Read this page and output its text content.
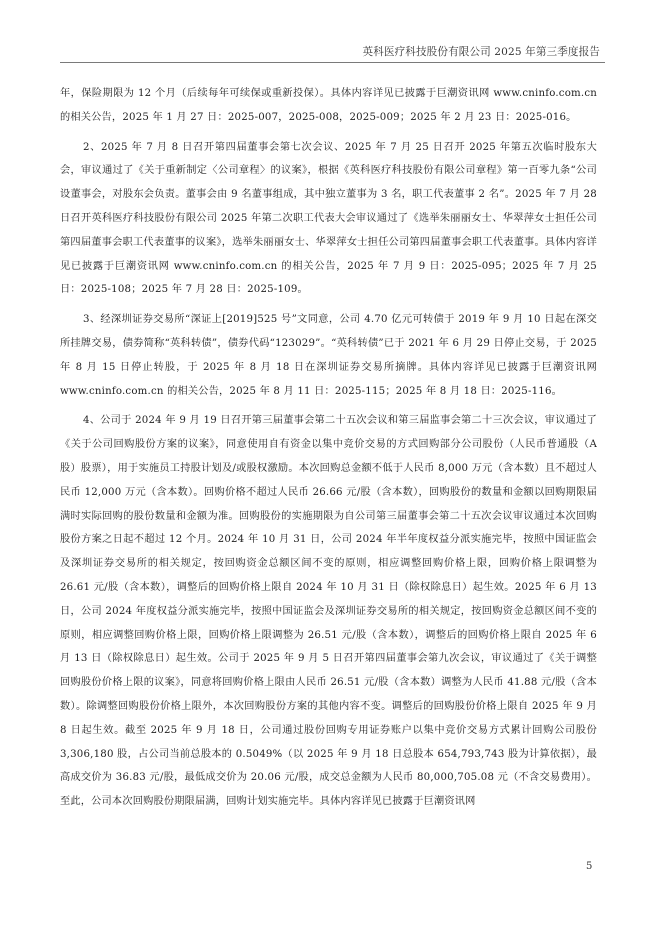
英科医疗科技股份有限公司 2025 年第三季度报告

年，保险期限为 12 个月（后续每年可续保或重新投保）。具体内容详见已披露于巨潮资讯网 www.cninfo.com.cn 的相关公告，2025 年 1 月 27 日：2025-007，2025-008，2025-009；2025 年 2 月 23 日：2025-016。

2、2025 年 7 月 8 日召开第四届董事会第七次会议、2025 年 7 月 25 日召开 2025 年第五次临时股东大会，审议通过了《关于重新制定〈公司章程〉的议案》，根据《英科医疗科技股份有限公司章程》第一百零九条“公司设董事会，对股东会负责。董事会由 9 名董事组成，其中独立董事为 3 名，职工代表董事 2 名”。2025 年 7 月 28 日召开英科医疗科技股份有限公司 2025 年第二次职工代表大会审议通过了《选举朱丽丽女士、华翠萍女士担任公司第四届董事会职工代表董事的议案》，选举朱丽丽女士、华翠萍女士担任公司第四届董事会职工代表董事。具体内容详见已披露于巨潮资讯网 www.cninfo.com.cn 的相关公告，2025 年 7 月 9 日：2025-095；2025 年 7 月 25 日：2025-108；2025 年 7 月 28 日：2025-109。

3、经深圳证券交易所“深证上[2019]525 号”文同意，公司 4.70 亿元可转债于 2019 年 9 月 10 日起在深交所挂牌交易，债券简称“英科转债”，债券代码“123029”。“英科转债”已于 2021 年 6 月 29 日停止交易，于 2025 年 8 月 15 日停止转股，于 2025 年 8 月 18 日在深圳证券交易所摘牌。具体内容详见已披露于巨潮资讯网 www.cninfo.com.cn 的相关公告，2025 年 8 月 11 日：2025-115；2025 年 8 月 18 日：2025-116。

4、公司于 2024 年 9 月 19 日召开第三届董事会第二十五次会议和第三届监事会第二十三次会议，审议通过了《关于公司回购股份方案的议案》，同意使用自有资金以集中竞价交易的方式回购部分公司股份（人民币普通股（A 股）股票），用于实施员工持股计划及/或股权激励。本次回购总金额不低于人民币 8,000 万元（含本数）且不超过人民币 12,000 万元（含本数）。回购价格不超过人民币 26.66 元/股（含本数），回购股份的数量和金额以回购期限届满时实际回购的股份数量和金额为准。回购股份的实施期限为自公司第三届董事会第二十五次会议审议通过本次回购股份方案之日起不超过 12 个月。2024 年 10 月 31 日，公司 2024 年半年度权益分派实施完毕，按照中国证监会及深圳证券交易所的相关规定，按回购资金总额区间不变的原则，相应调整回购价格上限，回购价格上限调整为 26.61 元/股（含本数），调整后的回购价格上限自 2024 年 10 月 31 日（除权除息日）起生效。2025 年 6 月 13 日，公司 2024 年度权益分派实施完毕，按照中国证监会及深圳证券交易所的相关规定，按回购资金总额区间不变的原则，相应调整回购价格上限，回购价格上限调整为 26.51 元/股（含本数），调整后的回购价格上限自 2025 年 6 月 13 日（除权除息日）起生效。公司于 2025 年 9 月 5 日召开第四届董事会第九次会议，审议通过了《关于调整回购股份价格上限的议案》，同意将回购价格上限由人民币 26.51 元/股（含本数）调整为人民币 41.88 元/股（含本数）。除调整回购股份价格上限外，本次回购股份方案的其他内容不变。调整后的回购股份价格上限自 2025 年 9 月 8 日起生效。截至 2025 年 9 月 18 日，公司通过股份回购专用证券账户以集中竞价交易方式累计回购公司股份 3,306,180 股，占公司当前总股本的 0.5049%（以 2025 年 9 月 18 日总股本 654,793,743 股为计算依据），最高成交价为 36.83 元/股，最低成交价为 20.06 元/股，成交总金额为人民币 80,000,705.08 元（不含交易费用）。至此，公司本次回购股份期限届满，回购计划实施完毕。具体内容详见已披露于巨潮资讯网

5
